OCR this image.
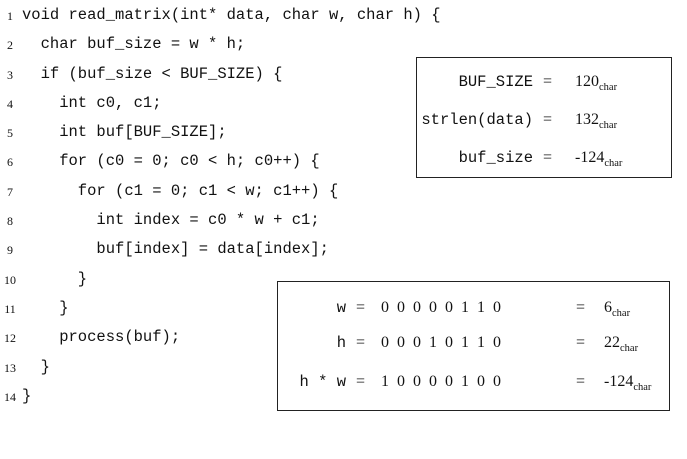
1 void read_matrix(int* data, char w, char h) {
2 char buf_size = w * h;
3 if (buf_size < BUF_SIZE) {
4 int c0, c1;
5 int buf[BUF_SIZE];
6 for (c0 = 0; c0 < h; c0++) {
7 for (c1 = 0; c1 < w; c1++) {
8 int index = c0 * w + c1;
9 buf[index] = data[index];
10 }
11 }
12 process(buf);
13 }
14 }
BUF_SIZE = $120_{char}$
strlen(data) = $132_{char}$
buf_size = $-124_{char}$
w = 0  0  0  0  0  1  1  0	= $6_{char}$
h = 0  0  0  1  0  1  1  0	= $22_{char}$
h * w = 1  0  0  0  0  1  0  0	= $-124_{char}$
